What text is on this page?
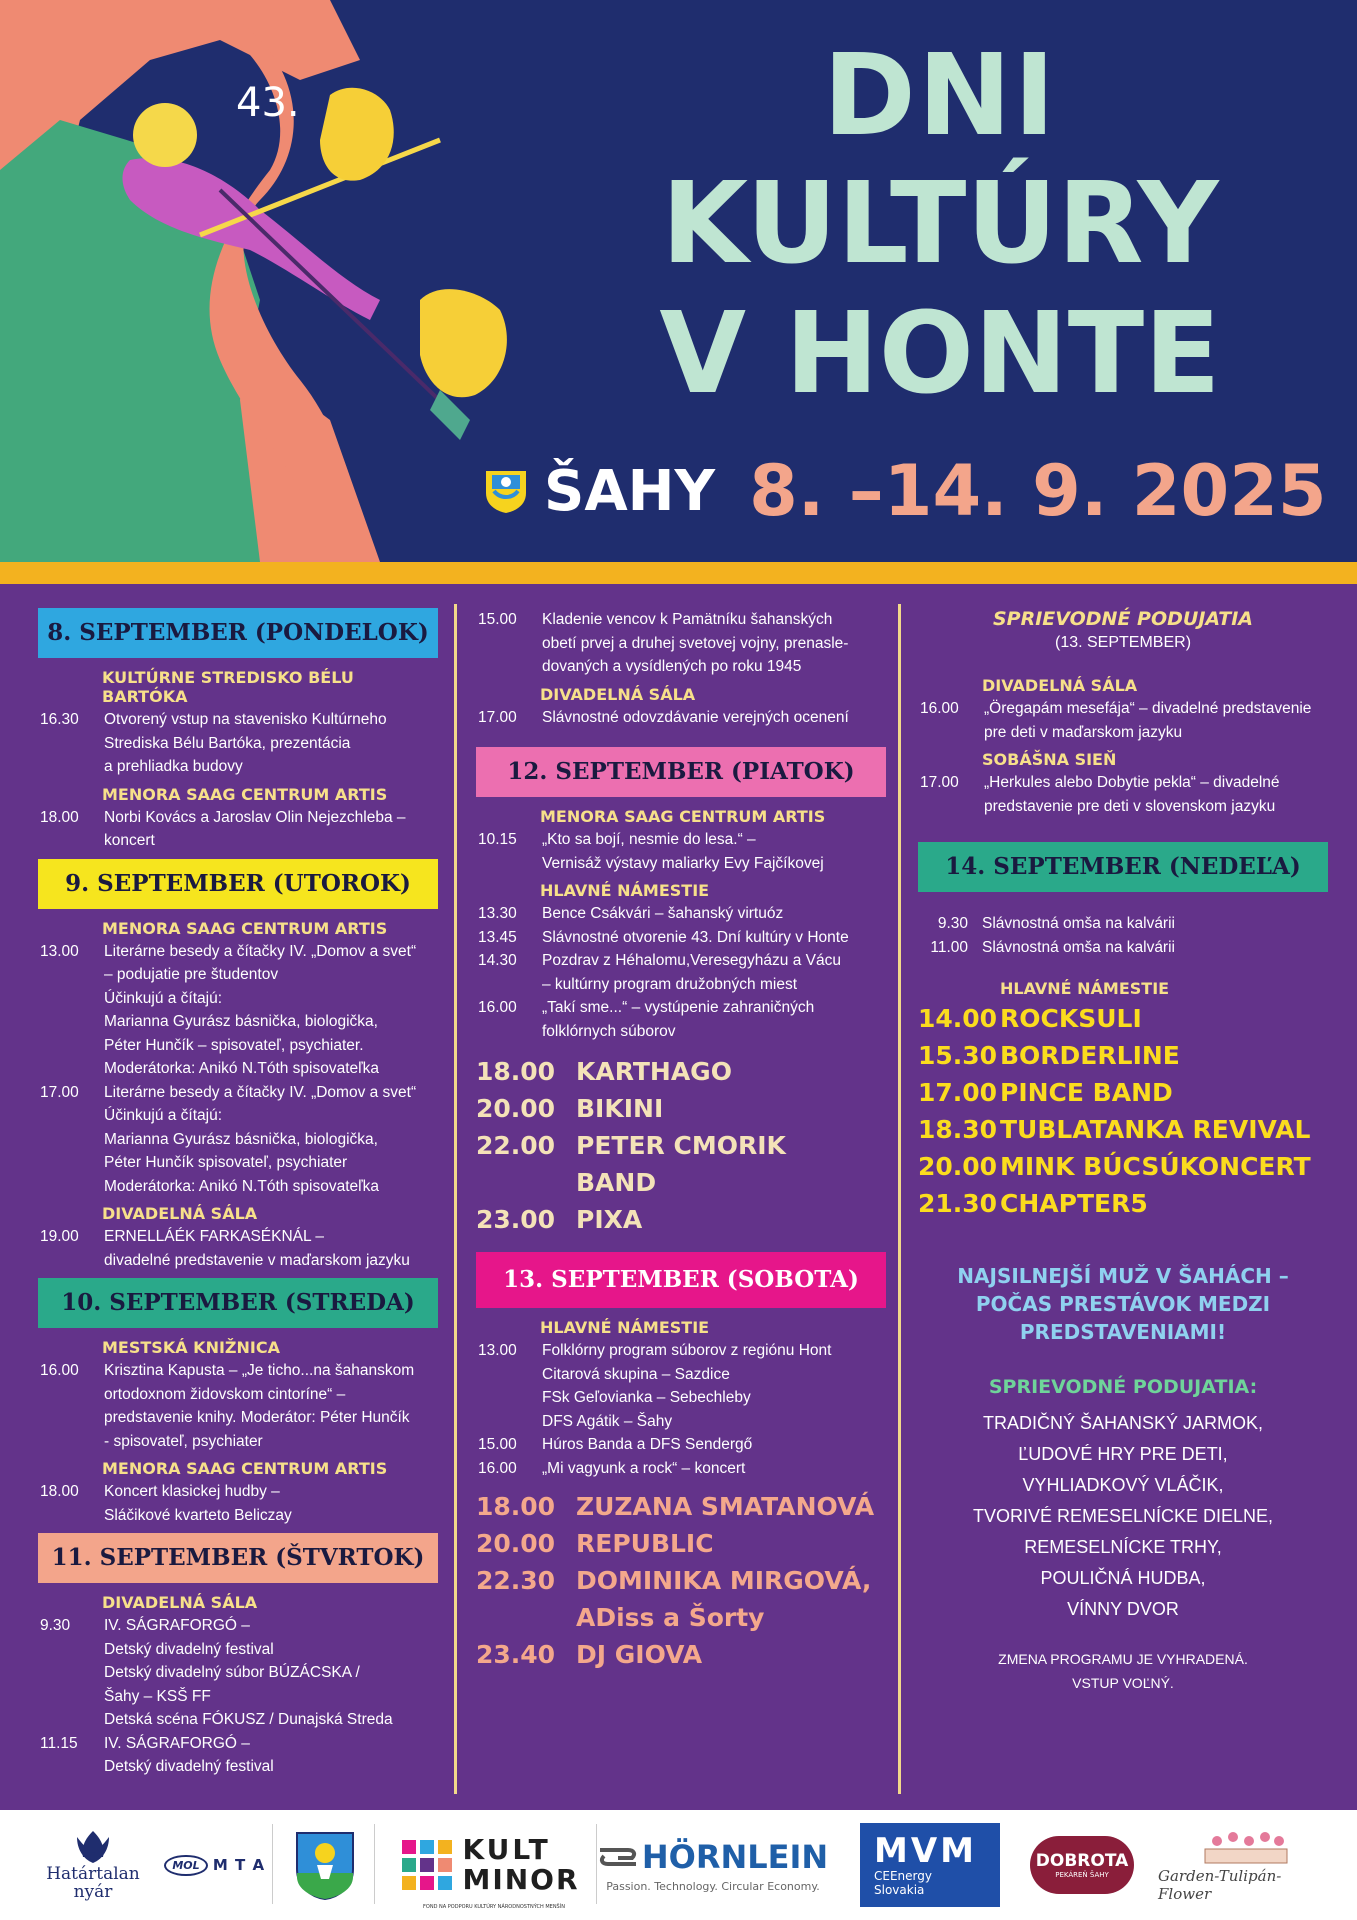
43.	DNI
KULTÚRY
V HONTE
ŠAHY 8. –14. 9. 2025
8. SEPTEMBER (PONDELOK)
KULTÚRNE STREDISKO BÉLU BARTÓKA
16.30	Otvorený vstup na stavenisko Kultúrneho
Strediska Bélu Bartóka, prezentácia
a prehliadka budovy
MENORA SAAG CENTRUM ARTIS
18.00	Norbi Kovács a Jaroslav Olin Nejezchleba –
koncert
9. SEPTEMBER (UTOROK)
MENORA SAAG CENTRUM ARTIS
13.00	Literárne besedy a čítačky IV. „Domov a svet“
– podujatie pre študentov
Účinkujú a čítajú:
Marianna Gyurász básnička, biologička,
Péter Hunčík – spisovateľ, psychiater.
Moderátorka: Anikó N.Tóth spisovateľka
17.00	Literárne besedy a čítačky IV. „Domov a svet“
Účinkujú a čítajú:
Marianna Gyurász básnička, biologička,
Péter Hunčík spisovateľ, psychiater
Moderátorka: Anikó N.Tóth spisovateľka
DIVADELNÁ SÁLA
19.00	ERNELLÁÉK FARKASÉKNÁL –
divadelné predstavenie v maďarskom jazyku
10. SEPTEMBER (STREDA)
MESTSKÁ KNIŽNICA
16.00	Krisztina Kapusta – „Je ticho...na šahanskom
ortodoxnom židovskom cintoríne“ –
predstavenie knihy. Moderátor: Péter Hunčík
- spisovateľ, psychiater
MENORA SAAG CENTRUM ARTIS
18.00	Koncert klasickej hudby –
Sláčikové kvarteto Beliczay
11. SEPTEMBER (ŠTVRTOK)
DIVADELNÁ SÁLA
9.30	IV. SÁGRAFORGÓ –
Detský divadelný festival
Detský divadelný súbor BÚZÁCSKA /
Šahy – KSŠ FF
Detská scéna FÓKUSZ / Dunajská Streda
11.15	IV. SÁGRAFORGÓ –
Detský divadelný festival
15.00	Kladenie vencov k Pamätníku šahanských
obetí prvej a druhej svetovej vojny, prenasle-
dovaných a vysídlených po roku 1945
DIVADELNÁ SÁLA
17.00	Slávnostné odovzdávanie verejných ocenení
12. SEPTEMBER (PIATOK)
MENORA SAAG CENTRUM ARTIS
10.15	„Kto sa bojí, nesmie do lesa.“ –
Vernisáž výstavy maliarky Evy Fajčíkovej
HLAVNÉ NÁMESTIE
13.30	Bence Csákvári – šahanský virtuóz
13.45	Slávnostné otvorenie 43. Dní kultúry v Honte
14.30	Pozdrav z Héhalomu,Veresegyházu a Vácu
– kultúrny program družobných miest
16.00	„Takí sme...“ – vystúpenie zahraničných
folklórnych súborov
18.00 KARTHAGO
20.00 BIKINI
22.00 PETER CMORIK
BAND
23.00 PIXA
13. SEPTEMBER (SOBOTA)
HLAVNÉ NÁMESTIE
13.00	Folklórny program súborov z regiónu Hont
Citarová skupina – Sazdice
FSk Geľovianka – Sebechleby
DFS Agátik – Šahy
15.00	Húros Banda a DFS Sendergő
16.00	„Mi vagyunk a rock“ – koncert
18.00 ZUZANA SMATANOVÁ
20.00 REPUBLIC
22.30 DOMINIKA MIRGOVÁ,
ADiss a Šorty
23.40 DJ GIOVA
SPRIEVODNÉ PODUJATIA
(13. SEPTEMBER)
DIVADELNÁ SÁLA
16.00	„Öregapám mesefája“ – divadelné predstavenie
pre deti v maďarskom jazyku
SOBÁŠNA SIEŇ
17.00	„Herkules alebo Dobytie pekla“ – divadelné
predstavenie pre deti v slovenskom jazyku
14. SEPTEMBER (NEDEĽA)
9.30 Slávnostná omša na kalvárii
11.00 Slávnostná omša na kalvárii
HLAVNÉ NÁMESTIE
14.00 ROCKSULI
15.30 BORDERLINE
17.00 PINCE BAND
18.30 TUBLATANKA REVIVAL
20.00 MINK BÚCSÚKONCERT
21.30 CHAPTER5
NAJSILNEJŠÍ MUŽ V ŠAHÁCH –
POČAS PRESTÁVOK MEDZI
PREDSTAVENIAMI!
SPRIEVODNÉ PODUJATIA:
TRADIČNÝ ŠAHANSKÝ JARMOK,
ĽUDOVÉ HRY PRE DETI,
VYHLIADKOVÝ VLÁČIK,
TVORIVÉ REMESELNÍCKE DIELNE,
REMESELNÍCKE TRHY,
POULIČNÁ HUDBA,
VÍNNY DVOR
ZMENA PROGRAMU JE VYHRADENÁ.
VSTUP VOĽNÝ.
Határtalan
nyár
MOL M T A	KULT
MINOR
FOND NA PODPORU KULTÚRY NÁRODNOSTNÝCH MENŠÍN
HÖRNLEIN
Passion. Technology. Circular Economy.
MVM
CEEnergy
Slovakia
DOBROTA
PEKÁREŇ ŠAHY	Garden-Tulipán-Flower
